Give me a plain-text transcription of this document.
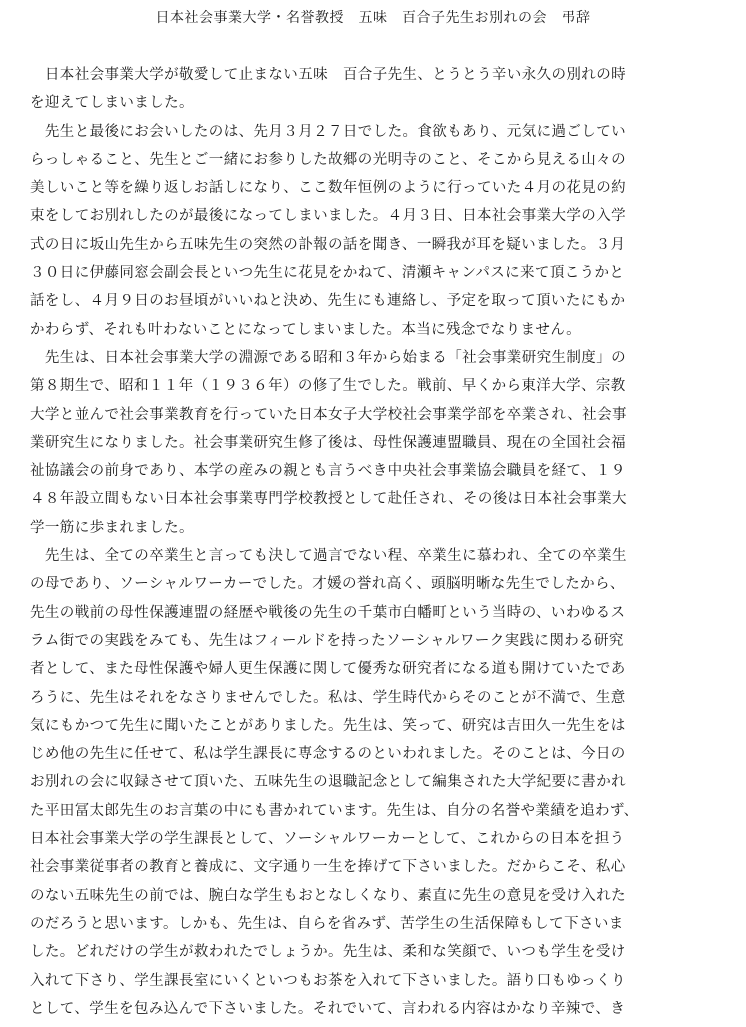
日本社会事業大学・名誉教授　五味　百合子先生お別れの会　弔辞
　日本社会事業大学が敬愛して止まない五味　百合子先生、とうとう辛い永久の別れの時
を迎えてしまいました。
　先生と最後にお会いしたのは、先月３月２７日でした。食欲もあり、元気に過ごしてい
らっしゃること、先生とご一緒にお参りした故郷の光明寺のこと、そこから見える山々の
美しいこと等を繰り返しお話しになり、ここ数年恒例のように行っていた４月の花見の約
束をしてお別れしたのが最後になってしまいました。４月３日、日本社会事業大学の入学
式の日に坂山先生から五味先生の突然の訃報の話を聞き、一瞬我が耳を疑いました。３月
３０日に伊藤同窓会副会長といつ先生に花見をかねて、清瀬キャンパスに来て頂こうかと
話をし、４月９日のお昼頃がいいねと決め、先生にも連絡し、予定を取って頂いたにもか
かわらず、それも叶わないことになってしまいました。本当に残念でなりません。
　先生は、日本社会事業大学の淵源である昭和３年から始まる「社会事業研究生制度」の
第８期生で、昭和１１年（１９３６年）の修了生でした。戦前、早くから東洋大学、宗教
大学と並んで社会事業教育を行っていた日本女子大学校社会事業学部を卒業され、社会事
業研究生になりました。社会事業研究生修了後は、母性保護連盟職員、現在の全国社会福
祉協議会の前身であり、本学の産みの親とも言うべき中央社会事業協会職員を経て、１９
４８年設立間もない日本社会事業専門学校教授として赴任され、その後は日本社会事業大
学一筋に歩まれました。
　先生は、全ての卒業生と言っても決して過言でない程、卒業生に慕われ、全ての卒業生
の母であり、ソーシャルワーカーでした。才媛の誉れ高く、頭脳明晰な先生でしたから、
先生の戦前の母性保護連盟の経歴や戦後の先生の千葉市白幡町という当時の、いわゆるス
ラム街での実践をみても、先生はフィールドを持ったソーシャルワーク実践に関わる研究
者として、また母性保護や婦人更生保護に関して優秀な研究者になる道も開けていたであ
ろうに、先生はそれをなさりませんでした。私は、学生時代からそのことが不満で、生意
気にもかつて先生に聞いたことがありました。先生は、笑って、研究は吉田久一先生をは
じめ他の先生に任せて、私は学生課長に専念するのといわれました。そのことは、今日の
お別れの会に収録させて頂いた、五味先生の退職記念として編集された大学紀要に書かれ
た平田冨太郎先生のお言葉の中にも書かれています。先生は、自分の名誉や業績を追わず、
日本社会事業大学の学生課長として、ソーシャルワーカーとして、これからの日本を担う
社会事業従事者の教育と養成に、文字通り一生を捧げて下さいました。だからこそ、私心
のない五味先生の前では、腕白な学生もおとなしくなり、素直に先生の意見を受け入れた
のだろうと思います。しかも、先生は、自らを省みず、苦学生の生活保障もして下さいま
した。どれだけの学生が救われたでしょうか。先生は、柔和な笑顔で、いつも学生を受け
入れて下さり、学生課長室にいくといつもお茶を入れて下さいました。語り口もゆっくり
として、学生を包み込んで下さいました。それでいて、言われる内容はかなり辛辣で、き
